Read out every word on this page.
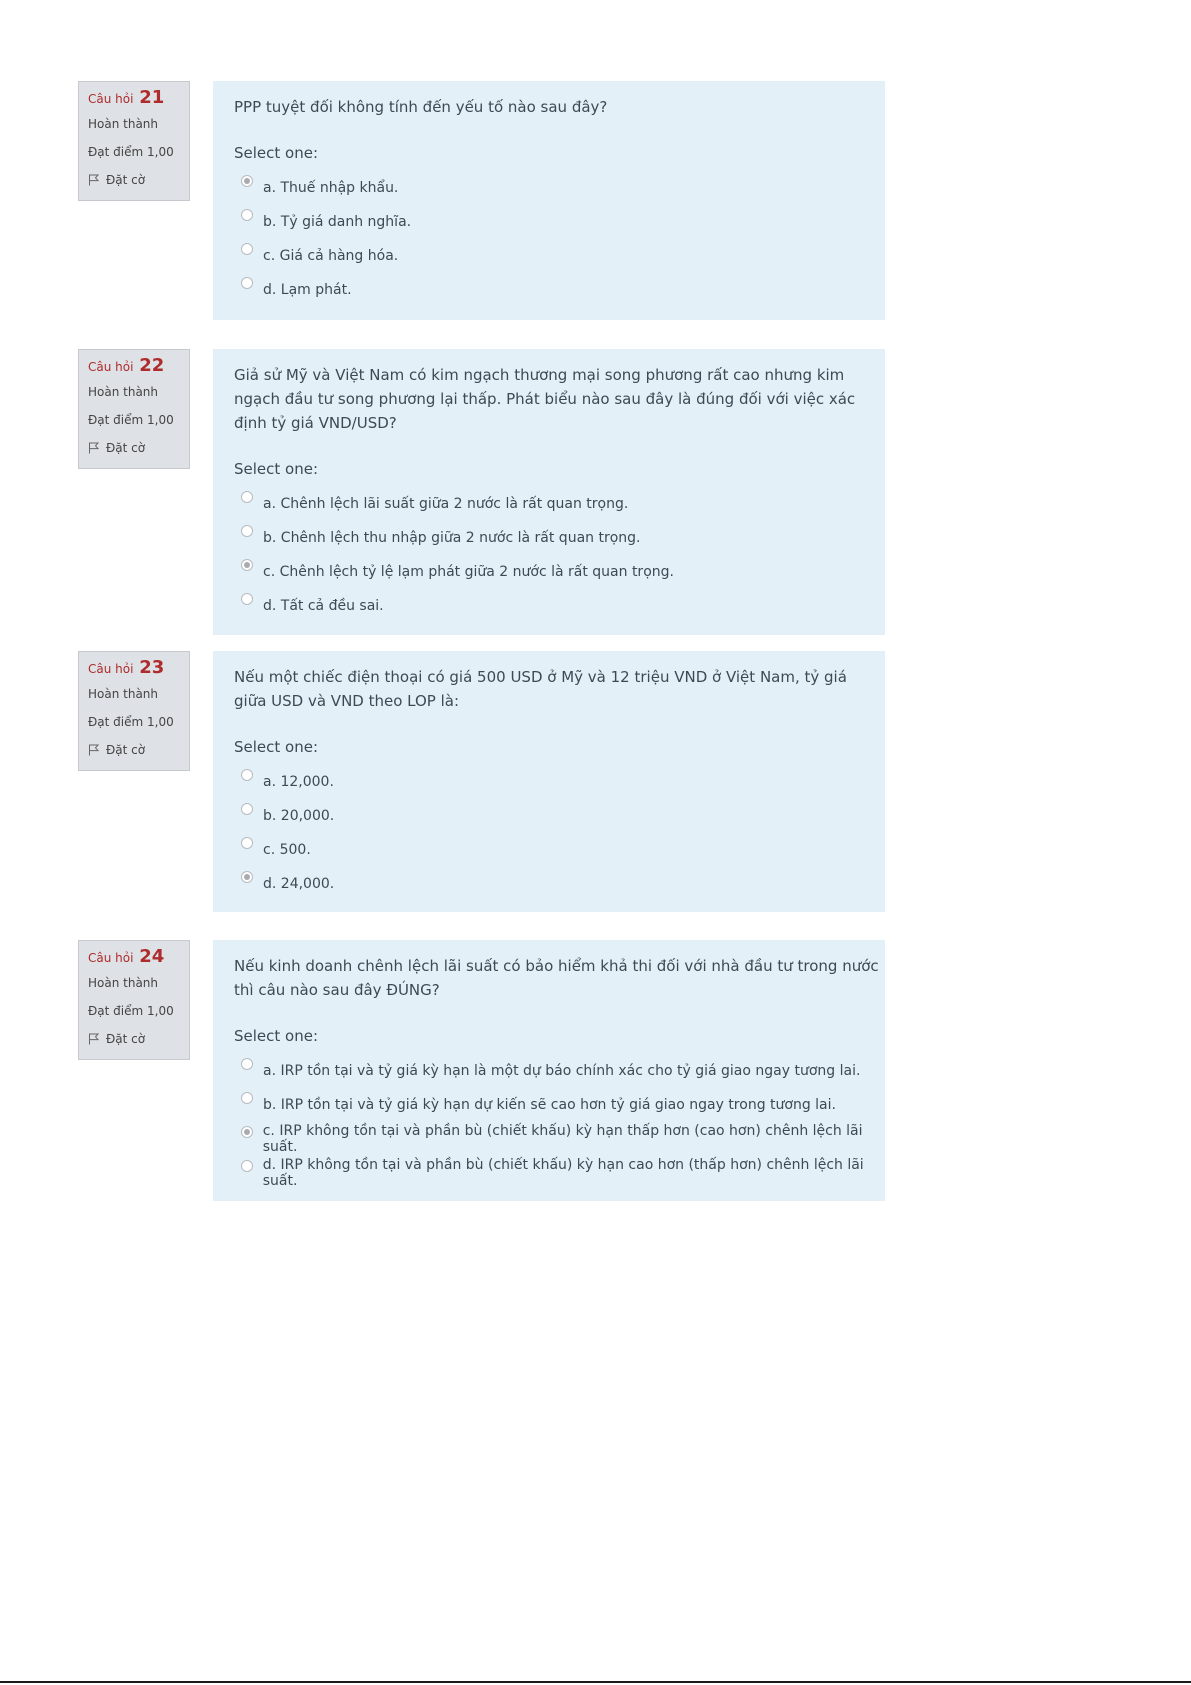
Câu hỏi 21
Hoàn thành
Đạt điểm 1,00
Đặt cờ
PPP tuyệt đối không tính đến yếu tố nào sau đây?
Select one:
a. Thuế nhập khẩu.
b. Tỷ giá danh nghĩa.
c. Giá cả hàng hóa.
d. Lạm phát.
Câu hỏi 22
Hoàn thành
Đạt điểm 1,00
Đặt cờ
Giả sử Mỹ và Việt Nam có kim ngạch thương mại song phương rất cao nhưng kim ngạch đầu tư song phương lại thấp. Phát biểu nào sau đây là đúng đối với việc xác định tỷ giá VND/USD?
Select one:
a. Chênh lệch lãi suất giữa 2 nước là rất quan trọng.
b. Chênh lệch thu nhập giữa 2 nước là rất quan trọng.
c. Chênh lệch tỷ lệ lạm phát giữa 2 nước là rất quan trọng.
d. Tất cả đều sai.
Câu hỏi 23
Hoàn thành
Đạt điểm 1,00
Đặt cờ
Nếu một chiếc điện thoại có giá 500 USD ở Mỹ và 12 triệu VND ở Việt Nam, tỷ giá giữa USD và VND theo LOP là:
Select one:
a. 12,000.
b. 20,000.
c. 500.
d. 24,000.
Câu hỏi 24
Hoàn thành
Đạt điểm 1,00
Đặt cờ
Nếu kinh doanh chênh lệch lãi suất có bảo hiểm khả thi đối với nhà đầu tư trong nước thì câu nào sau đây ĐÚNG?
Select one:
a. IRP tồn tại và tỷ giá kỳ hạn là một dự báo chính xác cho tỷ giá giao ngay tương lai.
b. IRP tồn tại và tỷ giá kỳ hạn dự kiến sẽ cao hơn tỷ giá giao ngay trong tương lai.
c. IRP không tồn tại và phần bù (chiết khấu) kỳ hạn thấp hơn (cao hơn) chênh lệch lãi suất.
d. IRP không tồn tại và phần bù (chiết khấu) kỳ hạn cao hơn (thấp hơn) chênh lệch lãi suất.
